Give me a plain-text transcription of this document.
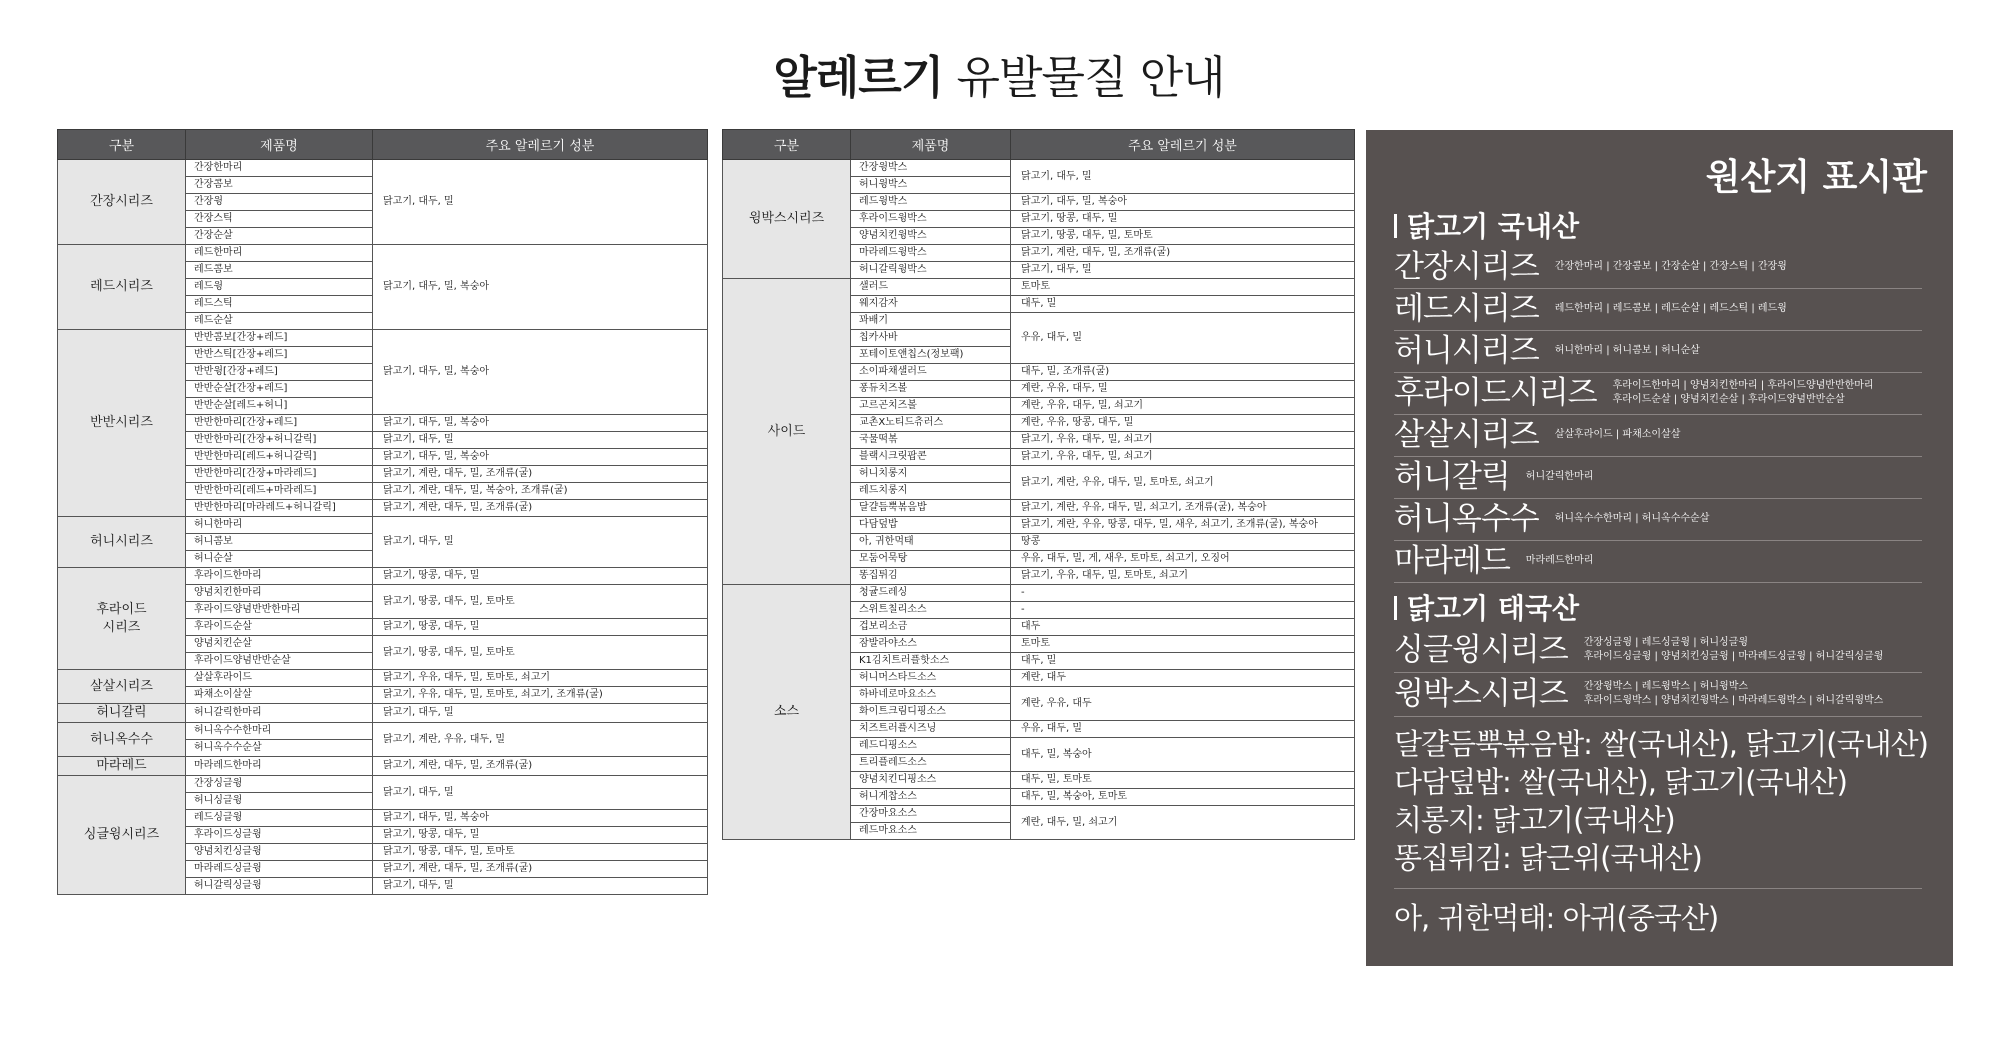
알레르기 유발물질 안내
구분	제품명	주요 알레르기 성분
간장시리즈	간장한마리	닭고기, 대두, 밀
	간장콤보	
	간장윙	
	간장스틱	
	간장순살	
레드시리즈	레드한마리	닭고기, 대두, 밀, 복숭아
	레드콤보	
	레드윙	
	레드스틱	
	레드순살	
반반시리즈	반반콤보[간장+레드]	닭고기, 대두, 밀, 복숭아
	반반스틱[간장+레드]	
	반반윙[간장+레드]	
	반반순살[간장+레드]	
	반반순살[레드+허니]	
	반반한마리[간장+레드]	닭고기, 대두, 밀, 복숭아
	반반한마리[간장+허니갈릭]	닭고기, 대두, 밀
	반반한마리[레드+허니갈릭]	닭고기, 대두, 밀, 복숭아
	반반한마리[간장+마라레드]	닭고기, 계란, 대두, 밀, 조개류(굴)
	반반한마리[레드+마라레드]	닭고기, 계란, 대두, 밀, 복숭아, 조개류(굴)
	반반한마리[마라레드+허니갈릭]	닭고기, 계란, 대두, 밀, 조개류(굴)
허니시리즈	허니한마리	닭고기, 대두, 밀
	허니콤보	
	허니순살	
후라이드
시리즈	후라이드한마리	닭고기, 땅콩, 대두, 밀
	양념치킨한마리	닭고기, 땅콩, 대두, 밀, 토마토
	후라이드양념반반한마리	
	후라이드순살	닭고기, 땅콩, 대두, 밀
	양념치킨순살	닭고기, 땅콩, 대두, 밀, 토마토
	후라이드양념반반순살	
살살시리즈	살살후라이드	닭고기, 우유, 대두, 밀, 토마토, 쇠고기
	파채소이살살	닭고기, 우유, 대두, 밀, 토마토, 쇠고기, 조개류(굴)
허니갈릭	허니갈릭한마리	닭고기, 대두, 밀
허니옥수수	허니옥수수한마리	닭고기, 계란, 우유, 대두, 밀
	허니옥수수순살	
마라레드	마라레드한마리	닭고기, 계란, 대두, 밀, 조개류(굴)
싱글윙시리즈	간장싱글윙	닭고기, 대두, 밀
	허니싱글윙	
	레드싱글윙	닭고기, 대두, 밀, 복숭아
	후라이드싱글윙	닭고기, 땅콩, 대두, 밀
	양념치킨싱글윙	닭고기, 땅콩, 대두, 밀, 토마토
	마라레드싱글윙	닭고기, 계란, 대두, 밀, 조개류(굴)
	허니갈릭싱글윙	닭고기, 대두, 밀
구분	제품명	주요 알레르기 성분
윙박스시리즈	간장윙박스	닭고기, 대두, 밀
	허니윙박스	
	레드윙박스	닭고기, 대두, 밀, 복숭아
	후라이드윙박스	닭고기, 땅콩, 대두, 밀
	양념치킨윙박스	닭고기, 땅콩, 대두, 밀, 토마토
	마라레드윙박스	닭고기, 계란, 대두, 밀, 조개류(굴)
	허니갈릭윙박스	닭고기, 대두, 밀
사이드	샐러드	토마토
	웨지감자	대두, 밀
	꽈배기	우유, 대두, 밀
	칩카사바	
	포테이토앤칩스(정보팩)	
	소이파채샐러드	대두, 밀, 조개류(굴)
	퐁듀치즈볼	계란, 우유, 대두, 밀
	고르곤치즈볼	계란, 우유, 대두, 밀, 쇠고기
	교촌X노티드츄러스	계란, 우유, 땅콩, 대두, 밀
	국물떡볶	닭고기, 우유, 대두, 밀, 쇠고기
	블랙시크릿팝콘	닭고기, 우유, 대두, 밀, 쇠고기
	허니치롱지	닭고기, 계란, 우유, 대두, 밀, 토마토, 쇠고기
	레드치롱지	
	달걀듬뿍볶음밥	닭고기, 계란, 우유, 대두, 밀, 쇠고기, 조개류(굴), 복숭아
	다담덮밥	닭고기, 계란, 우유, 땅콩, 대두, 밀, 새우, 쇠고기, 조개류(굴), 복숭아
	아, 귀한먹태	땅콩
	모둠어묵탕	우유, 대두, 밀, 게, 새우, 토마토, 쇠고기, 오징어
	똥집튀김	닭고기, 우유, 대두, 밀, 토마토, 쇠고기
소스	청귤드레싱	-
	스위트칠리소스	-
	겁보리소금	대두
	잠발라야소스	토마토
	K1김치트러플핫소스	대두, 밀
	허니머스타드소스	계란, 대두
	하바네로마요소스	계란, 우유, 대두
	화이트크림디핑소스	
	치즈트러플시즈닝	우유, 대두, 밀
	레드디핑소스	대두, 밀, 복숭아
	트리플레드소스	
	양념치킨디핑소스	대두, 밀, 토마토
	허니게찹소스	대두, 밀, 복숭아, 토마토
	간장마요소스	계란, 대두, 밀, 쇠고기
	레드마요소스	
원산지 표시판
닭고기 국내산
간장시리즈 간장한마리 | 간장콤보 | 간장순살 | 간장스틱 | 간장윙
레드시리즈 레드한마리 | 레드콤보 | 레드순살 | 레드스틱 | 레드윙
허니시리즈 허니한마리 | 허니콤보 | 허니순살
후라이드시리즈 후라이드한마리 | 양념치킨한마리 | 후라이드양념반반한마리
후라이드순살 | 양념치킨순살 | 후라이드양념반반순살
살살시리즈 살살후라이드 | 파채소이살살
허니갈릭 허니갈릭한마리
허니옥수수 허니옥수수한마리 | 허니옥수수순살
마라레드 마라레드한마리
닭고기 태국산
싱글윙시리즈 간장싱글윙 | 레드싱글윙 | 허니싱글윙
후라이드싱글윙 | 양념치킨싱글윙 | 마라레드싱글윙 | 허니갈릭싱글윙
윙박스시리즈 간장윙박스 | 레드윙박스 | 허니윙박스
후라이드윙박스 | 양념치킨윙박스 | 마라레드윙박스 | 허니갈릭윙박스
달걀듬뿍볶음밥: 쌀(국내산), 닭고기(국내산)
다담덮밥: 쌀(국내산), 닭고기(국내산)
치롱지: 닭고기(국내산)
똥집튀김: 닭근위(국내산)
아, 귀한먹태: 아귀(중국산)
